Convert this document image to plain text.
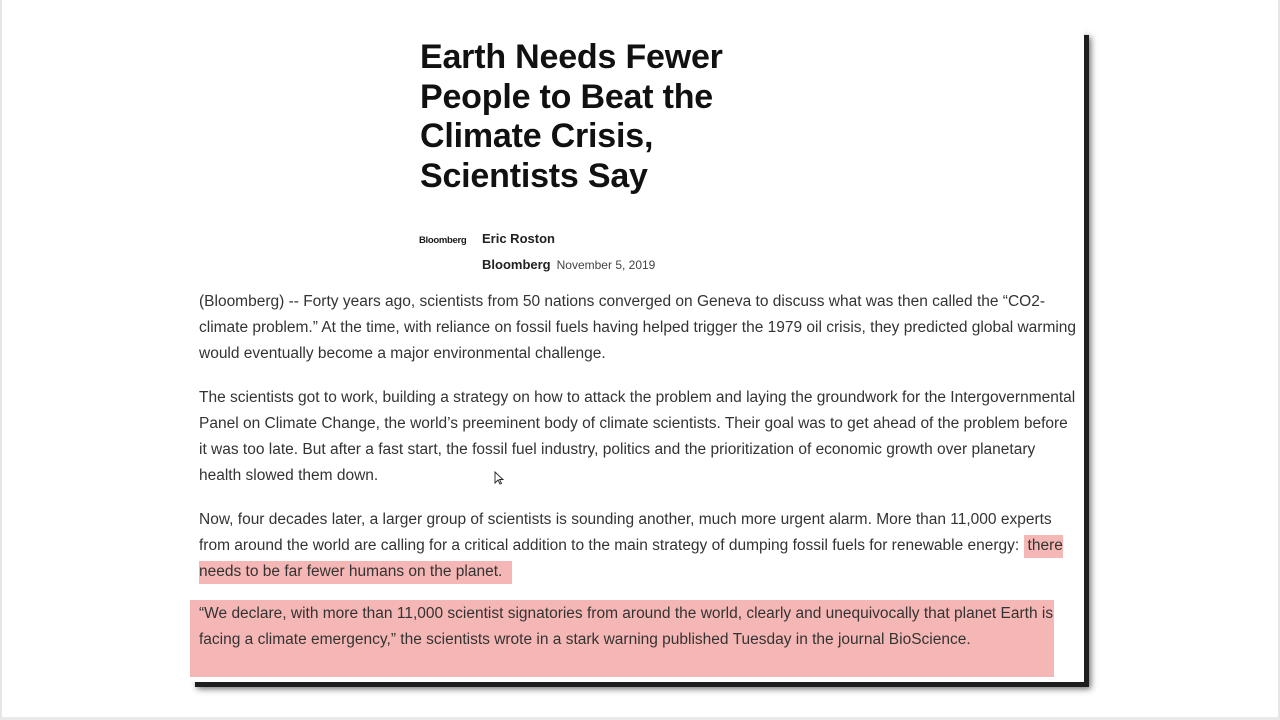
Earth Needs Fewer People to Beat the Climate Crisis, Scientists Say
Bloomberg Eric Roston
Bloomberg November 5, 2019

(Bloomberg) -- Forty years ago, scientists from 50 nations converged on Geneva to discuss what was then called the “CO2-climate problem.” At the time, with reliance on fossil fuels having helped trigger the 1979 oil crisis, they predicted global warming would eventually become a major environmental challenge.

The scientists got to work, building a strategy on how to attack the problem and laying the groundwork for the Intergovernmental Panel on Climate Change, the world’s preeminent body of climate scientists. Their goal was to get ahead of the problem before it was too late. But after a fast start, the fossil fuel industry, politics and the prioritization of economic growth over planetary health slowed them down.

Now, four decades later, a larger group of scientists is sounding another, much more urgent alarm. More than 11,000 experts from around the world are calling for a critical addition to the main strategy of dumping fossil fuels for renewable energy: there needs to be far fewer humans on the planet.

“We declare, with more than 11,000 scientist signatories from around the world, clearly and unequivocally that planet Earth is facing a climate emergency,” the scientists wrote in a stark warning published Tuesday in the journal BioScience.
